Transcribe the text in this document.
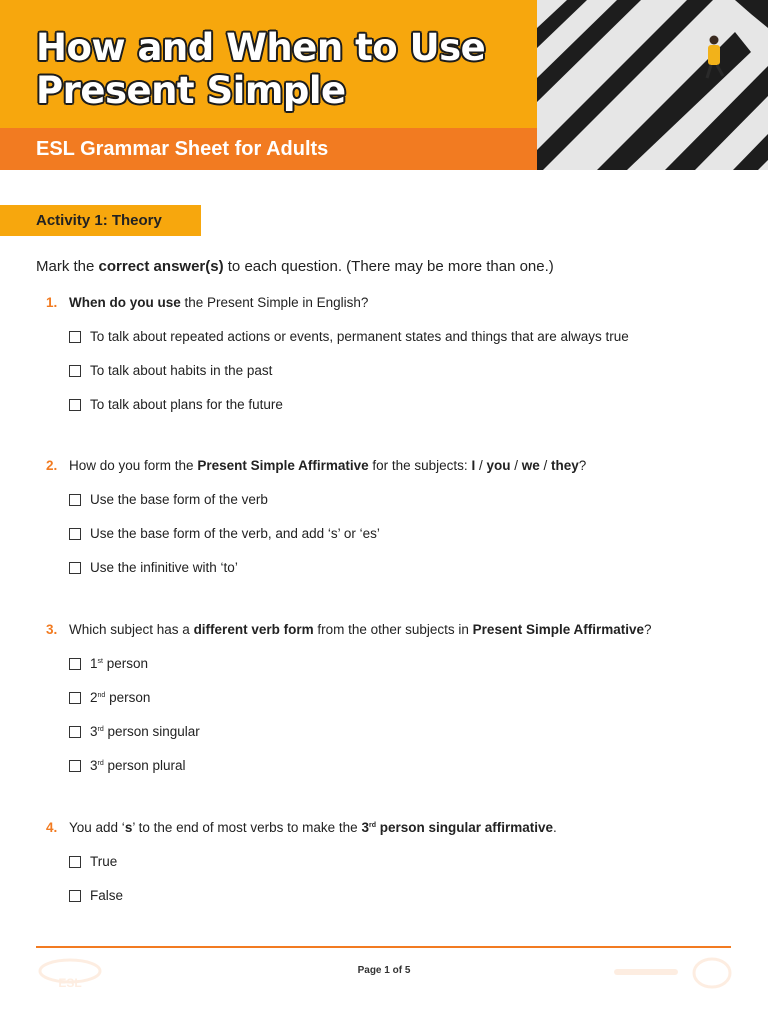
How and When to Use
Present Simple
ESL Grammar Sheet for Adults
Activity 1: Theory
Mark the correct answer(s) to each question. (There may be more than one.)
1. When do you use the Present Simple in English?
To talk about repeated actions or events, permanent states and things that are always true
To talk about habits in the past
To talk about plans for the future
2. How do you form the Present Simple Affirmative for the subjects: I / you / we / they?
Use the base form of the verb
Use the base form of the verb, and add ‘s’ or ‘es’
Use the infinitive with ‘to’
3. Which subject has a different verb form from the other subjects in Present Simple Affirmative?
1st person
2nd person
3rd person singular
3rd person plural
4. You add ‘s’ to the end of most verbs to make the 3rd person singular affirmative.
True
False
ESL
Page 1 of 5
